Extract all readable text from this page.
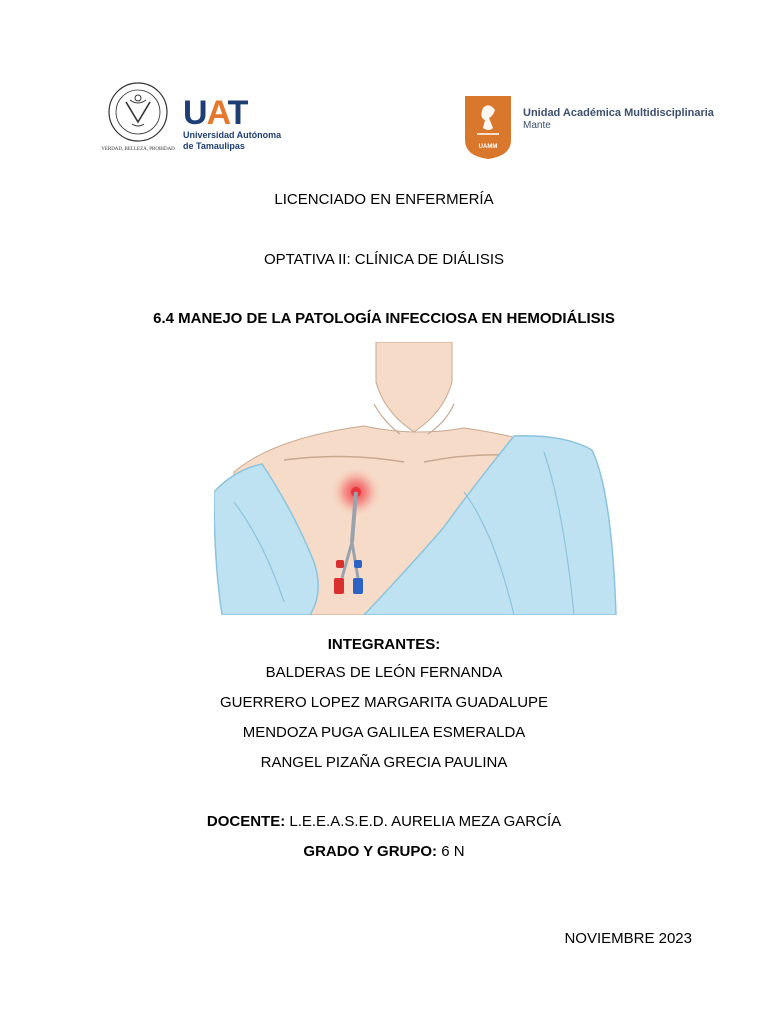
VERDAD, BELLEZA, PROBIDAD
UAT
Universidad Autónoma
de Tamaulipas	UAMM
Unidad Académica Multidisciplinaria
Mante
LICENCIADO EN ENFERMERÍA
OPTATIVA II: CLÍNICA DE DIÁLISIS
6.4 MANEJO DE LA PATOLOGÍA INFECCIOSA EN HEMODIÁLISIS
INTEGRANTES:
BALDERAS DE LEÓN FERNANDA
GUERRERO LOPEZ MARGARITA GUADALUPE
MENDOZA PUGA GALILEA ESMERALDA
RANGEL PIZAÑA GRECIA PAULINA
DOCENTE: L.E.E.A.S.E.D. AURELIA MEZA GARCÍA
GRADO Y GRUPO: 6 N
NOVIEMBRE 2023
